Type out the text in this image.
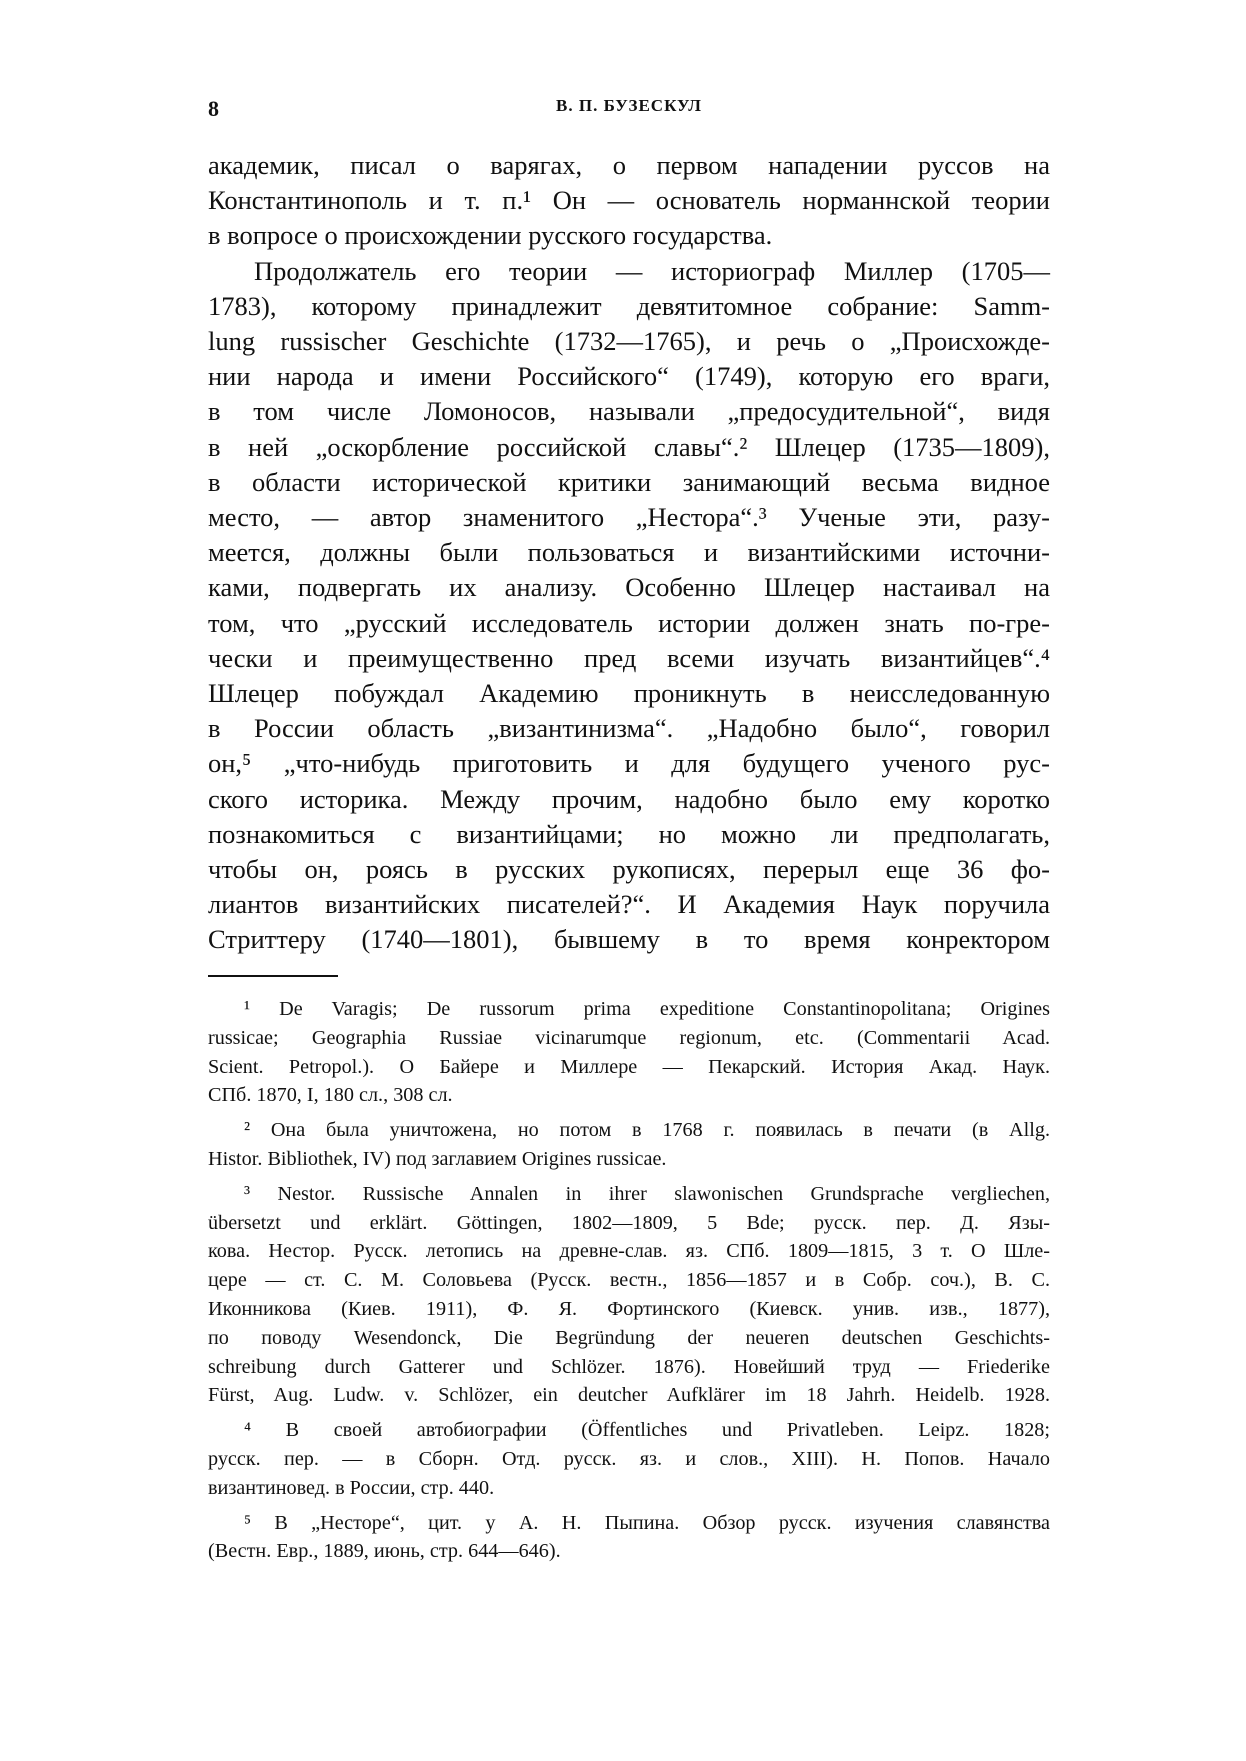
8	В. П. БУЗЕСКУЛ
академик, писал о варягах, о первом нападении руссов на
Константинополь и т. п.¹ Он — основатель норманнской теории
в вопросе о происхождении русского государства.
Продолжатель его теории — историограф Миллер (1705—
1783), которому принадлежит девятитомное собрание: Samm-
lung russischer Geschichte (1732—1765), и речь о „Происхожде-
нии народа и имени Российского“ (1749), которую его враги,
в том числе Ломоносов, называли „предосудительной“, видя
в ней „оскорбление российской славы“.² Шлецер (1735—1809),
в области исторической критики занимающий весьма видное
место, — автор знаменитого „Нестора“.³ Ученые эти, разу-
меется, должны были пользоваться и византийскими источни-
ками, подвергать их анализу. Особенно Шлецер настаивал на
том, что „русский исследователь истории должен знать по-гре-
чески и преимущественно пред всеми изучать византийцев“.⁴
Шлецер побуждал Академию проникнуть в неисследованную
в России область „византинизма“. „Надобно было“, говорил
он,⁵ „что-нибудь приготовить и для будущего ученого рус-
ского историка. Между прочим, надобно было ему коротко
познакомиться с византийцами; но можно ли предполагать,
чтобы он, роясь в русских рукописях, перерыл еще 36 фо-
лиантов византийских писателей?“. И Академия Наук поручила
Стриттеру (1740—1801), бывшему в то время конректором
¹ De Varagis; De russorum prima expeditione Constantinopolitana; Origines
russicae; Geographia Russiae vicinarumque regionum, etc. (Commentarii Acad.
Scient. Petropol.). О Байере и Миллере — Пекарский. История Акад. Наук.
СПб. 1870, I, 180 сл., 308 сл.
² Она была уничтожена, но потом в 1768 г. появилась в печати (в Allg.
Histor. Bibliothek, IV) под заглавием Origines russicae.
³ Nestor. Russische Annalen in ihrer slawonischen Grundsprache vergliechen,
übersetzt und erklärt. Göttingen, 1802—1809, 5 Bde; русск. пер. Д. Язы-
кова. Нестор. Русск. летопись на древне-слав. яз. СПб. 1809—1815, 3 т. О Шле-
цере — ст. С. М. Соловьева (Русск. вестн., 1856—1857 и в Собр. соч.), В. С.
Иконникова (Киев. 1911), Ф. Я. Фортинского (Киевск. унив. изв., 1877),
по поводу Wesendonck, Die Begründung der neueren deutschen Geschichts-
schreibung durch Gatterer und Schlözer. 1876). Новейший труд — Friederike
Fürst, Aug. Ludw. v. Schlözer, ein deutcher Aufklärer im 18 Jahrh. Heidelb. 1928.
⁴ В своей автобиографии (Öffentliches und Privatleben. Leipz. 1828;
русск. пер. — в Сборн. Отд. русск. яз. и слов., XIII). Н. Попов. Начало
византиновед. в России, стр. 440.
⁵ В „Несторе“, цит. у А. Н. Пыпина. Обзор русск. изучения славянства
(Вестн. Евр., 1889, июнь, стр. 644—646).
